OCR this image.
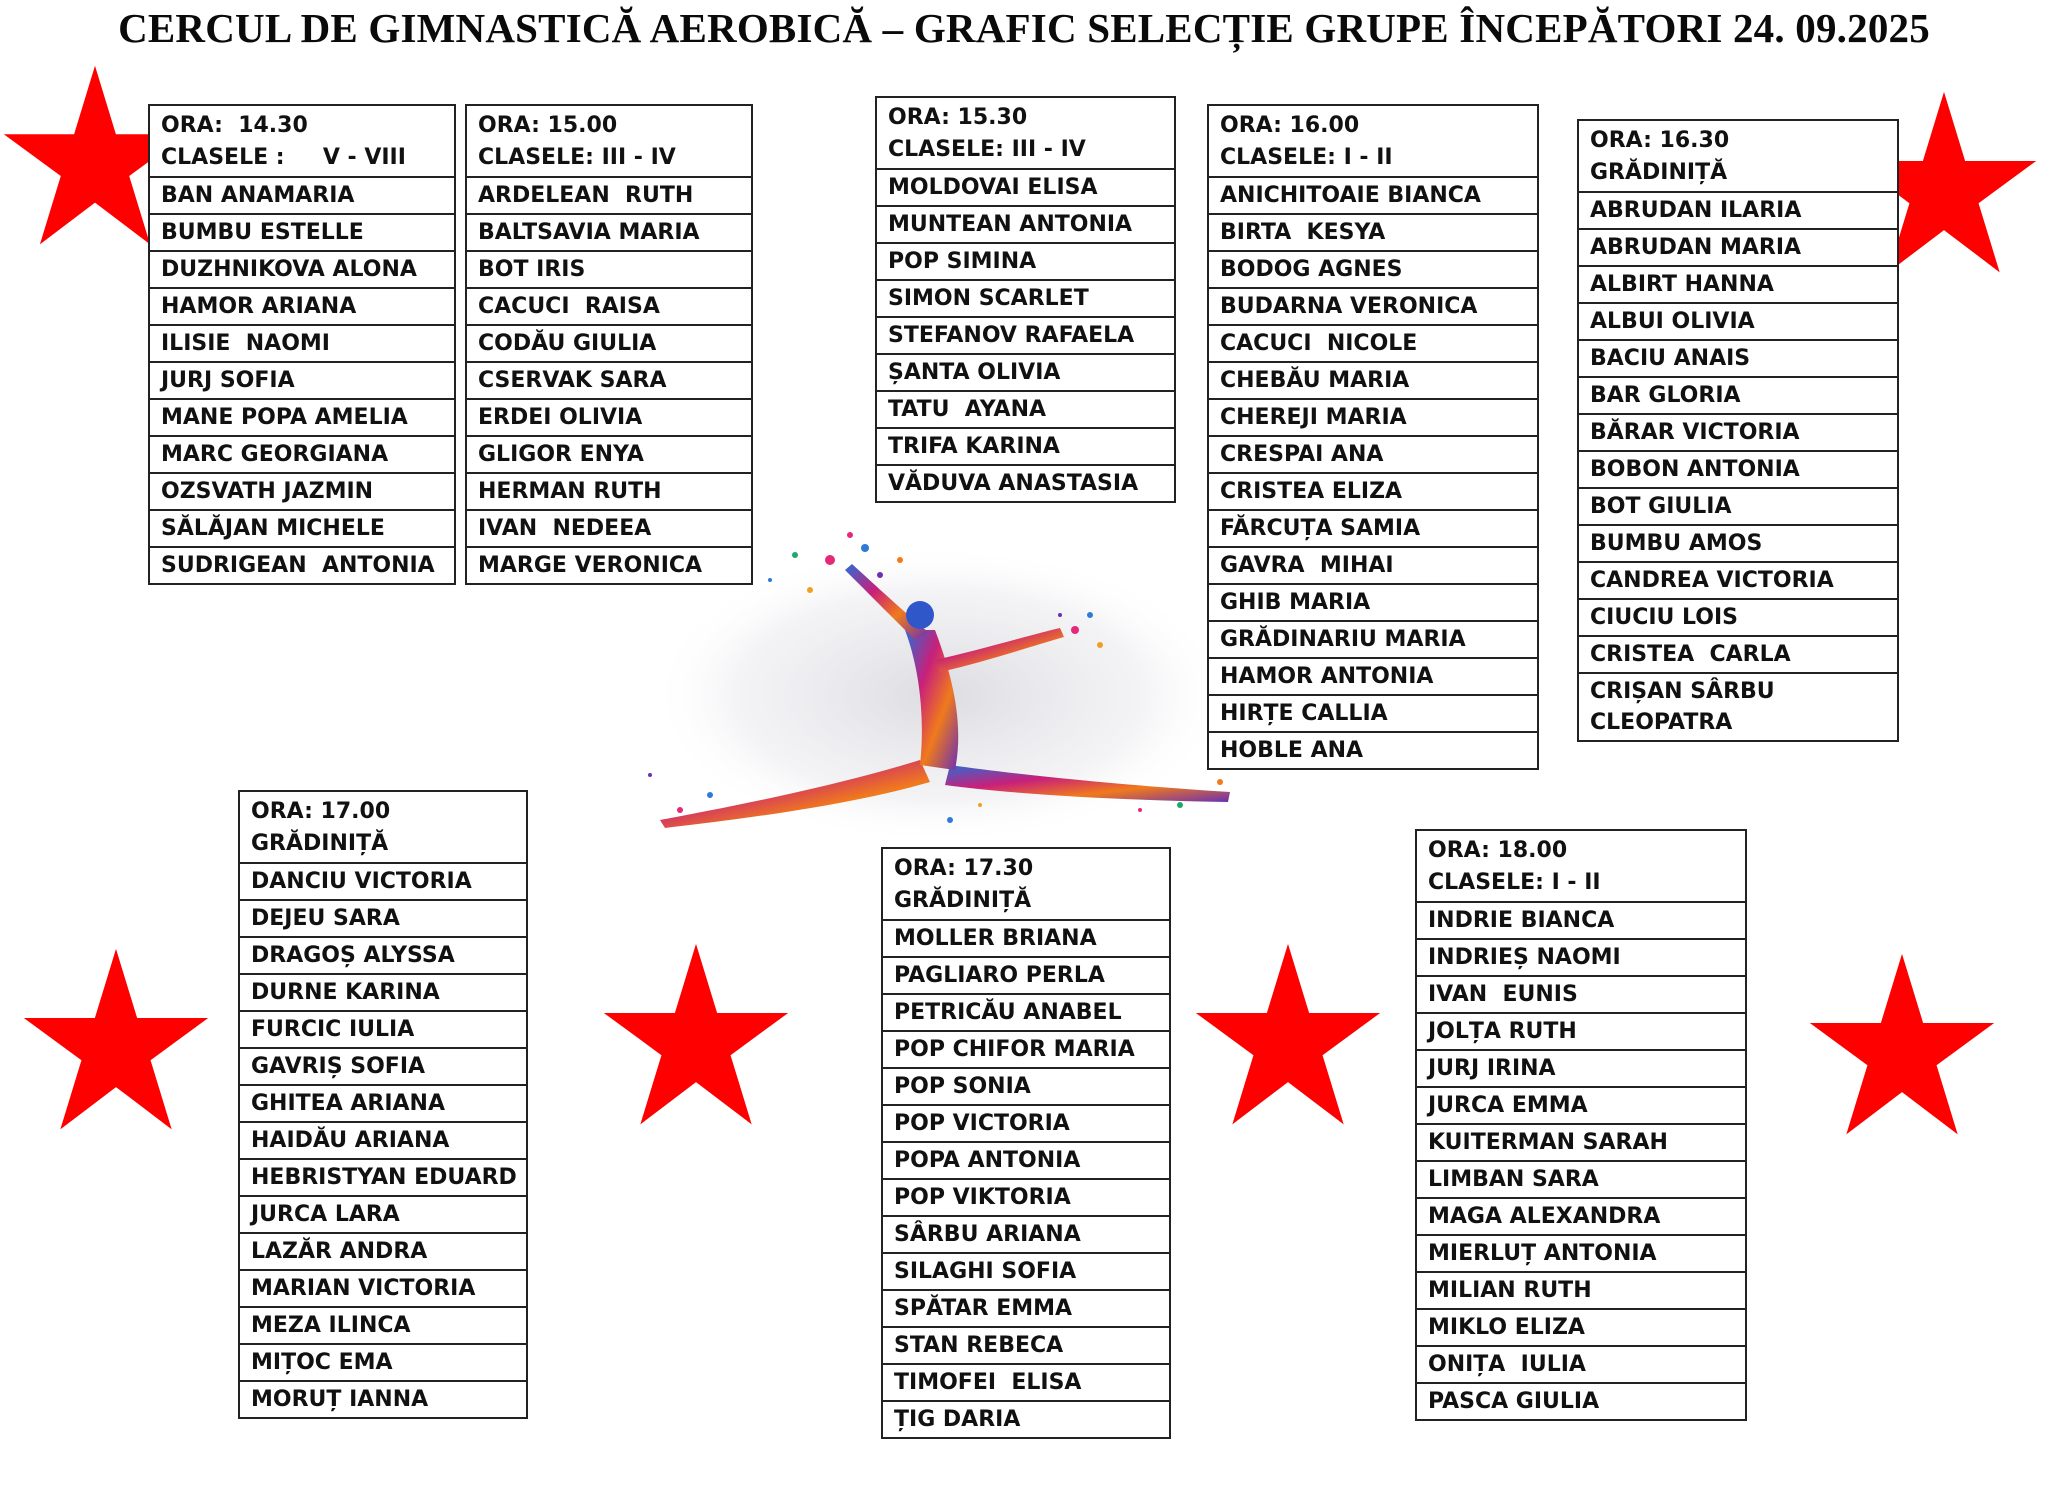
CERCUL DE GIMNASTICĂ AEROBICĂ – GRAFIC SELECȚIE GRUPE ÎNCEPĂTORI 24. 09.2025
ORA:  14.30
CLASELE :     V - VIII
BAN ANAMARIA
BUMBU ESTELLE
DUZHNIKOVA ALONA
HAMOR ARIANA
ILISIE  NAOMI
JURJ SOFIA
MANE POPA AMELIA
MARC GEORGIANA
OZSVATH JAZMIN
SĂLĂJAN MICHELE
SUDRIGEAN  ANTONIA
ORA: 15.00
CLASELE: III - IV
ARDELEAN  RUTH
BALTSAVIA MARIA
BOT IRIS
CACUCI  RAISA
CODĂU GIULIA
CSERVAK SARA
ERDEI OLIVIA
GLIGOR ENYA
HERMAN RUTH
IVAN  NEDEEA
MARGE VERONICA
ORA: 15.30
CLASELE: III - IV
MOLDOVAI ELISA
MUNTEAN ANTONIA
POP SIMINA
SIMON SCARLET
STEFANOV RAFAELA
ȘANTA OLIVIA
TATU  AYANA
TRIFA KARINA
VĂDUVA ANASTASIA
ORA: 16.00
CLASELE: I - II
ANICHITOAIE BIANCA
BIRTA  KESYA
BODOG AGNES
BUDARNA VERONICA
CACUCI  NICOLE
CHEBĂU MARIA
CHEREJI MARIA
CRESPAI ANA
CRISTEA ELIZA
FĂRCUȚA SAMIA
GAVRA  MIHAI
GHIB MARIA
GRĂDINARIU MARIA
HAMOR ANTONIA
HIRȚE CALLIA
HOBLE ANA
ORA: 16.30
GRĂDINIȚĂ
ABRUDAN ILARIA
ABRUDAN MARIA
ALBIRT HANNA
ALBUI OLIVIA
BACIU ANAIS
BAR GLORIA
BĂRAR VICTORIA
BOBON ANTONIA
BOT GIULIA
BUMBU AMOS
CANDREA VICTORIA
CIUCIU LOIS
CRISTEA  CARLA
CRIȘAN SÂRBU
CLEOPATRA
ORA: 17.00
GRĂDINIȚĂ
DANCIU VICTORIA
DEJEU SARA
DRAGOȘ ALYSSA
DURNE KARINA
FURCIC IULIA
GAVRIȘ SOFIA
GHITEA ARIANA
HAIDĂU ARIANA
HEBRISTYAN EDUARD
JURCA LARA
LAZĂR ANDRA
MARIAN VICTORIA
MEZA ILINCA
MIȚOC EMA
MORUȚ IANNA
ORA: 17.30
GRĂDINIȚĂ
MOLLER BRIANA
PAGLIARO PERLA
PETRICĂU ANABEL
POP CHIFOR MARIA
POP SONIA
POP VICTORIA
POPA ANTONIA
POP VIKTORIA
SÂRBU ARIANA
SILAGHI SOFIA
SPĂTAR EMMA
STAN REBECA
TIMOFEI  ELISA
ȚIG DARIA
ORA: 18.00
CLASELE: I - II
INDRIE BIANCA
INDRIEȘ NAOMI
IVAN  EUNIS
JOLȚA RUTH
JURJ IRINA
JURCA EMMA
KUITERMAN SARAH
LIMBAN SARA
MAGA ALEXANDRA
MIERLUȚ ANTONIA
MILIAN RUTH
MIKLO ELIZA
ONIȚA  IULIA
PASCA GIULIA
